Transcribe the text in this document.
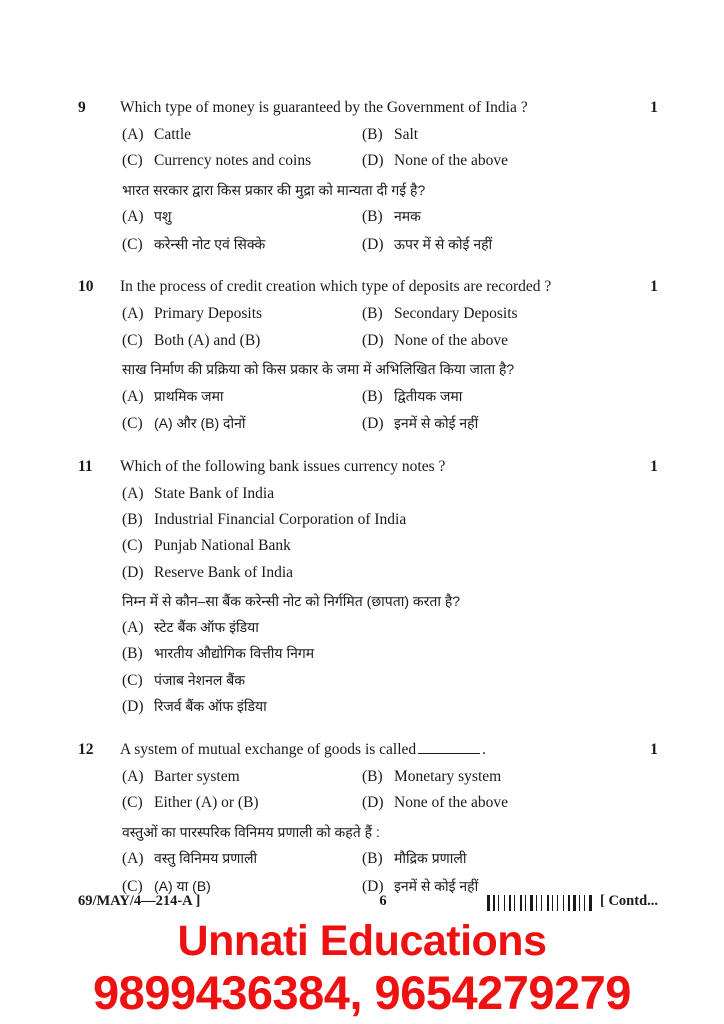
9	Which type of money is guaranteed by the Government of India ?	1
(A) Cattle	(B) Salt
(C) Currency notes and coins	(D) None of the above
भारत सरकार द्वारा किस प्रकार की मुद्रा को मान्यता दी गई है?
(A) पशु	(B) नमक
(C) करेन्सी नोट एवं सिक्के	(D) ऊपर में से कोई नहीं
10	In the process of credit creation which type of deposits are recorded ?	1
(A) Primary Deposits	(B) Secondary Deposits
(C) Both (A) and (B)	(D) None of the above
साख निर्माण की प्रक्रिया को किस प्रकार के जमा में अभिलिखित किया जाता है?
(A) प्राथमिक जमा	(B) द्वितीयक जमा
(C) (A) और (B) दोनों	(D) इनमें से कोई नहीं
11	Which of the following bank issues currency notes ?	1
(A) State Bank of India
(B) Industrial Financial Corporation of India
(C) Punjab National Bank
(D) Reserve Bank of India
निम्न में से कौन–सा बैंक करेन्सी नोट को निर्गमित (छापता) करता है?
(A) स्टेट बैंक ऑफ इंडिया
(B) भारतीय औद्योगिक वित्तीय निगम
(C) पंजाब नेशनल बैंक
(D) रिजर्व बैंक ऑफ इंडिया
12	A system of mutual exchange of goods is called	.	1
(A) Barter system	(B) Monetary system
(C) Either (A) or (B)	(D) None of the above
वस्तुओं का पारस्परिक विनिमय प्रणाली को कहते हैं :
(A) वस्तु विनिमय प्रणाली	(B) मौद्रिक प्रणाली
(C) (A) या (B)	(D) इनमें से कोई नहीं
69/MAY/4—214-A ]	6	[ Contd...
Unnati Educations
9899436384, 9654279279
